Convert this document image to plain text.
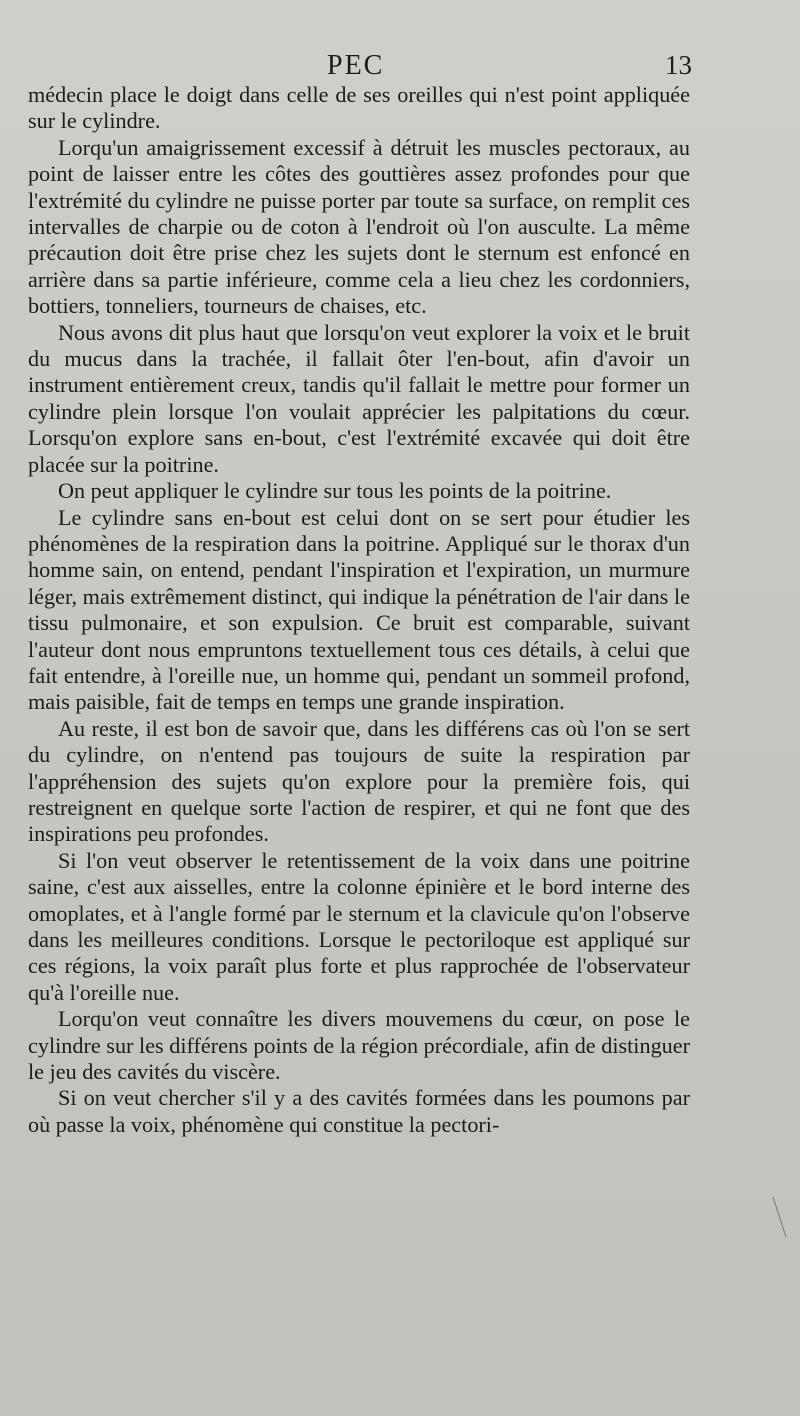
PEC	13

médecin place le doigt dans celle de ses oreilles qui n'est point appliquée sur le cylindre.

Lorqu'un amaigrissement excessif à détruit les muscles pectoraux, au point de laisser entre les côtes des gouttières assez profondes pour que l'extrémité du cylindre ne puisse porter par toute sa surface, on remplit ces intervalles de charpie ou de coton à l'endroit où l'on ausculte. La même précaution doit être prise chez les sujets dont le sternum est enfoncé en arrière dans sa partie inférieure, comme cela a lieu chez les cordonniers, bottiers, tonneliers, tourneurs de chaises, etc.

Nous avons dit plus haut que lorsqu'on veut explorer la voix et le bruit du mucus dans la trachée, il fallait ôter l'en-bout, afin d'avoir un instrument entièrement creux, tandis qu'il fallait le mettre pour former un cylindre plein lorsque l'on voulait apprécier les palpitations du cœur. Lorsqu'on explore sans en-bout, c'est l'extrémité excavée qui doit être placée sur la poitrine.

On peut appliquer le cylindre sur tous les points de la poitrine.

Le cylindre sans en-bout est celui dont on se sert pour étudier les phénomènes de la respiration dans la poitrine. Appliqué sur le thorax d'un homme sain, on entend, pendant l'inspiration et l'expiration, un murmure léger, mais extrêmement distinct, qui indique la pénétration de l'air dans le tissu pulmonaire, et son expulsion. Ce bruit est comparable, suivant l'auteur dont nous empruntons textuellement tous ces détails, à celui que fait entendre, à l'oreille nue, un homme qui, pendant un sommeil profond, mais paisible, fait de temps en temps une grande inspiration.

Au reste, il est bon de savoir que, dans les différens cas où l'on se sert du cylindre, on n'entend pas toujours de suite la respiration par l'appréhension des sujets qu'on explore pour la première fois, qui restreignent en quelque sorte l'action de respirer, et qui ne font que des inspirations peu profondes.

Si l'on veut observer le retentissement de la voix dans une poitrine saine, c'est aux aisselles, entre la colonne épinière et le bord interne des omoplates, et à l'angle formé par le sternum et la clavicule qu'on l'observe dans les meilleures conditions. Lorsque le pectoriloque est appliqué sur ces régions, la voix paraît plus forte et plus rapprochée de l'observateur qu'à l'oreille nue.

Lorqu'on veut connaître les divers mouvemens du cœur, on pose le cylindre sur les différens points de la région précordiale, afin de distinguer le jeu des cavités du viscère.

Si on veut chercher s'il y a des cavités formées dans les poumons par où passe la voix, phénomène qui constitue la pectori-
